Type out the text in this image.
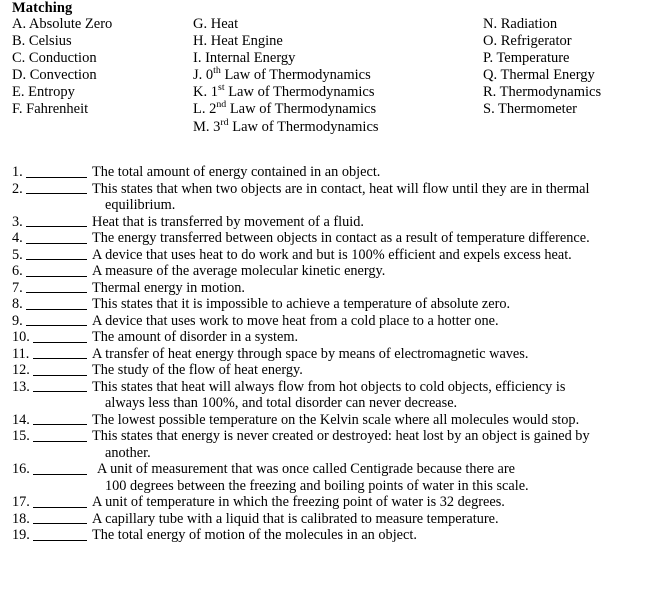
Matching
A. Absolute Zero
B. Celsius
C. Conduction
D. Convection
E. Entropy
F. Fahrenheit
G. Heat
H. Heat Engine
I. Internal Energy
J. 0th Law of Thermodynamics
K. 1st Law of Thermodynamics
L. 2nd Law of Thermodynamics
M. 3rd Law of Thermodynamics
N. Radiation
O. Refrigerator
P. Temperature
Q. Thermal Energy
R. Thermodynamics
S. Thermometer
1.	The total amount of energy contained in an object.
2.	This states that when two objects are in contact, heat will flow until they are in thermal
equilibrium.
3.	Heat that is transferred by movement of a fluid.
4.	The energy transferred between objects in contact as a result of temperature difference.
5.	A device that uses heat to do work and but is 100% efficient and expels excess heat.
6.	A measure of the average molecular kinetic energy.
7.	Thermal energy in motion.
8.	This states that it is impossible to achieve a temperature of absolute zero.
9.	A device that uses work to move heat from a cold place to a hotter one.
10.	The amount of disorder in a system.
11.	A transfer of heat energy through space by means of electromagnetic waves.
12.	The study of the flow of heat energy.
13.	This states that heat will always flow from hot objects to cold objects, efficiency is
always less than 100%, and total disorder can never decrease.
14.	The lowest possible temperature on the Kelvin scale where all molecules would stop.
15.	This states that energy is never created or destroyed: heat lost by an object is gained by
another.
16.	A unit of measurement that was once called Centigrade because there are
100 degrees between the freezing and boiling points of water in this scale.
17.	A unit of temperature in which the freezing point of water is 32 degrees.
18.	A capillary tube with a liquid that is calibrated to measure temperature.
19.	The total energy of motion of the molecules in an object.
